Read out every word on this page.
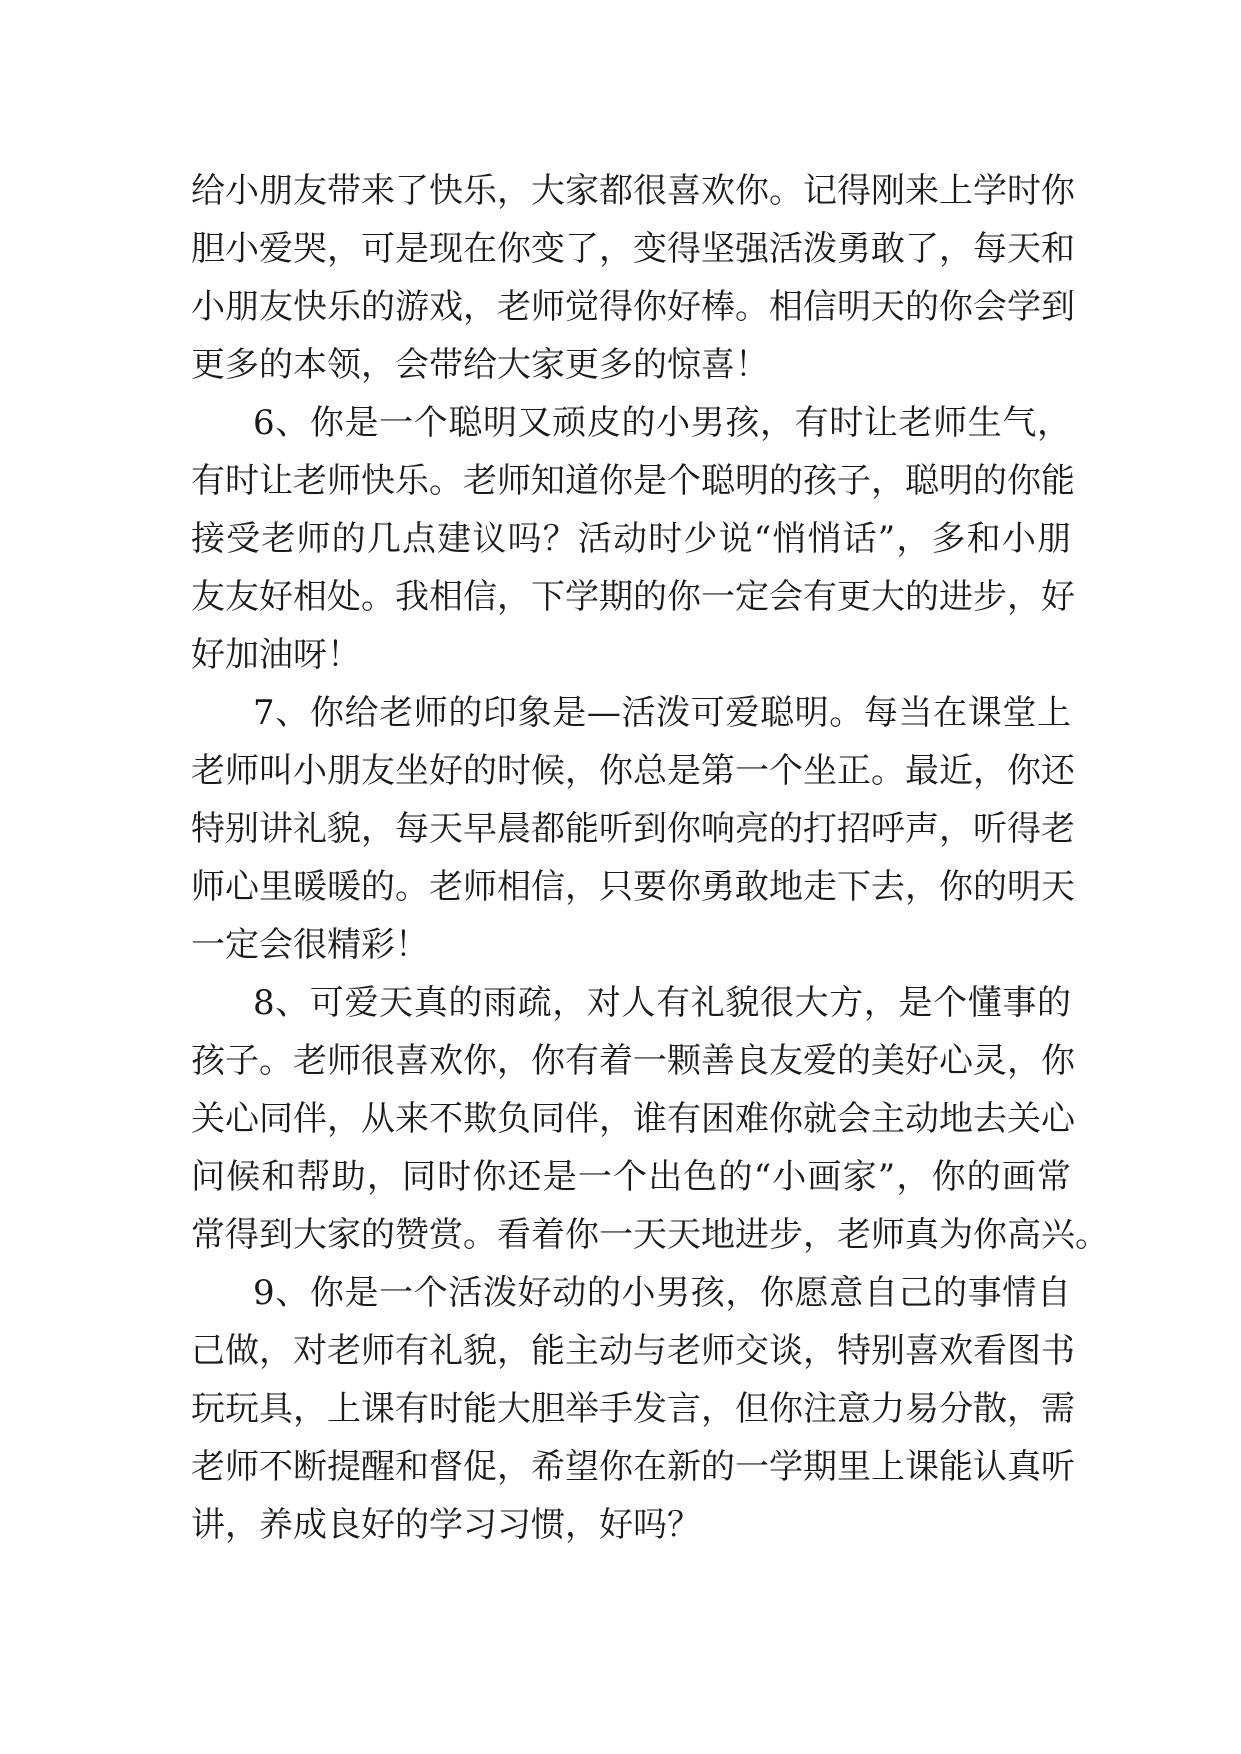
给小朋友带来了快乐，大家都很喜欢你。记得刚来上学时你
胆小爱哭，可是现在你变了，变得坚强活泼勇敢了，每天和
小朋友快乐的游戏，老师觉得你好棒。相信明天的你会学到
更多的本领，会带给大家更多的惊喜！
6、你是一个聪明又顽皮的小男孩，有时让老师生气，
有时让老师快乐。老师知道你是个聪明的孩子，聪明的你能
接受老师的几点建议吗？活动时少说“悄悄话”，多和小朋
友友好相处。我相信，下学期的你一定会有更大的进步，好
好加油呀！
7、你给老师的印象是—活泼可爱聪明。每当在课堂上
老师叫小朋友坐好的时候，你总是第一个坐正。最近，你还
特别讲礼貌，每天早晨都能听到你响亮的打招呼声，听得老
师心里暖暖的。老师相信，只要你勇敢地走下去，你的明天
一定会很精彩！
8、可爱天真的雨疏，对人有礼貌很大方，是个懂事的
孩子。老师很喜欢你，你有着一颗善良友爱的美好心灵，你
关心同伴，从来不欺负同伴，谁有困难你就会主动地去关心
问候和帮助，同时你还是一个出色的“小画家”，你的画常
常得到大家的赞赏。看着你一天天地进步，老师真为你高兴。
9、你是一个活泼好动的小男孩，你愿意自己的事情自
己做，对老师有礼貌，能主动与老师交谈，特别喜欢看图书
玩玩具，上课有时能大胆举手发言，但你注意力易分散，需
老师不断提醒和督促，希望你在新的一学期里上课能认真听
讲，养成良好的学习习惯，好吗？
